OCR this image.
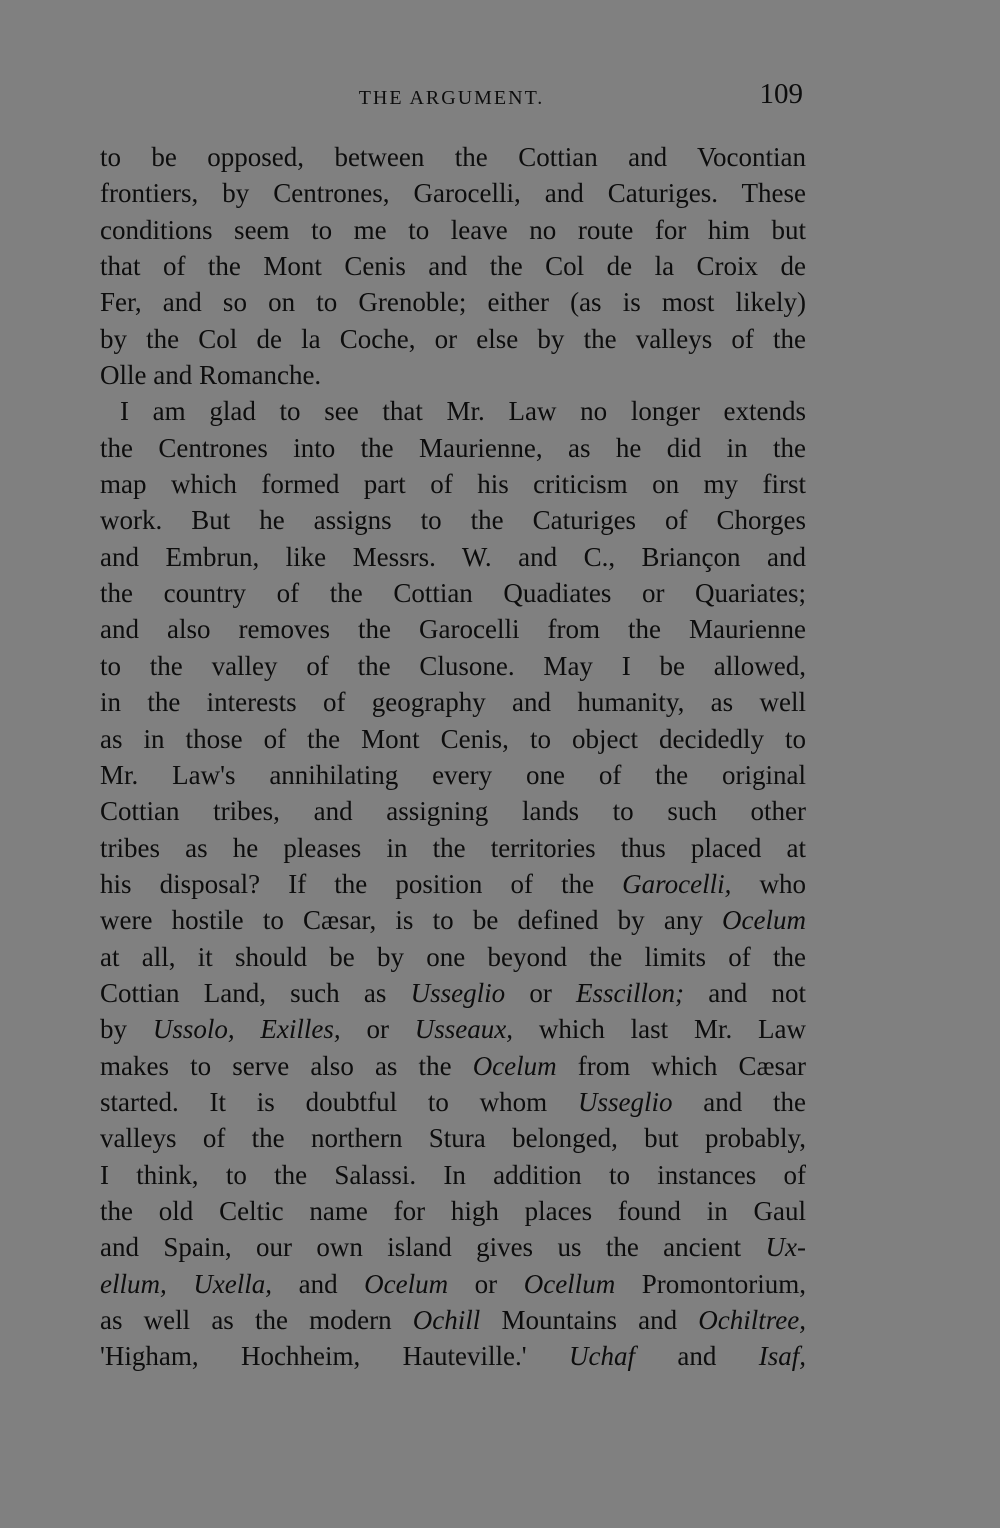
THE ARGUMENT.	109
to be opposed, between the Cottian and Vocontian
frontiers, by Centrones, Garocelli, and Caturiges. These
conditions seem to me to leave no route for him but
that of the Mont Cenis and the Col de la Croix de
Fer, and so on to Grenoble; either (as is most likely)
by the Col de la Coche, or else by the valleys of the
Olle and Romanche.
I am glad to see that Mr. Law no longer extends
the Centrones into the Maurienne, as he did in the
map which formed part of his criticism on my first
work. But he assigns to the Caturiges of Chorges
and Embrun, like Messrs. W. and C., Briançon and
the country of the Cottian Quadiates or Quariates;
and also removes the Garocelli from the Maurienne
to the valley of the Clusone. May I be allowed,
in the interests of geography and humanity, as well
as in those of the Mont Cenis, to object decidedly to
Mr. Law's annihilating every one of the original
Cottian tribes, and assigning lands to such other
tribes as he pleases in the territories thus placed at
his disposal? If the position of the Garocelli, who
were hostile to Cæsar, is to be defined by any Ocelum
at all, it should be by one beyond the limits of the
Cottian Land, such as Usseglio or Esscillon; and not
by Ussolo, Exilles, or Usseaux, which last Mr. Law
makes to serve also as the Ocelum from which Cæsar
started. It is doubtful to whom Usseglio and the
valleys of the northern Stura belonged, but probably,
I think, to the Salassi. In addition to instances of
the old Celtic name for high places found in Gaul
and Spain, our own island gives us the ancient Ux-
ellum, Uxella, and Ocelum or Ocellum Promontorium,
as well as the modern Ochill Mountains and Ochiltree,
'Higham, Hochheim, Hauteville.' Uchaf and Isaf,
